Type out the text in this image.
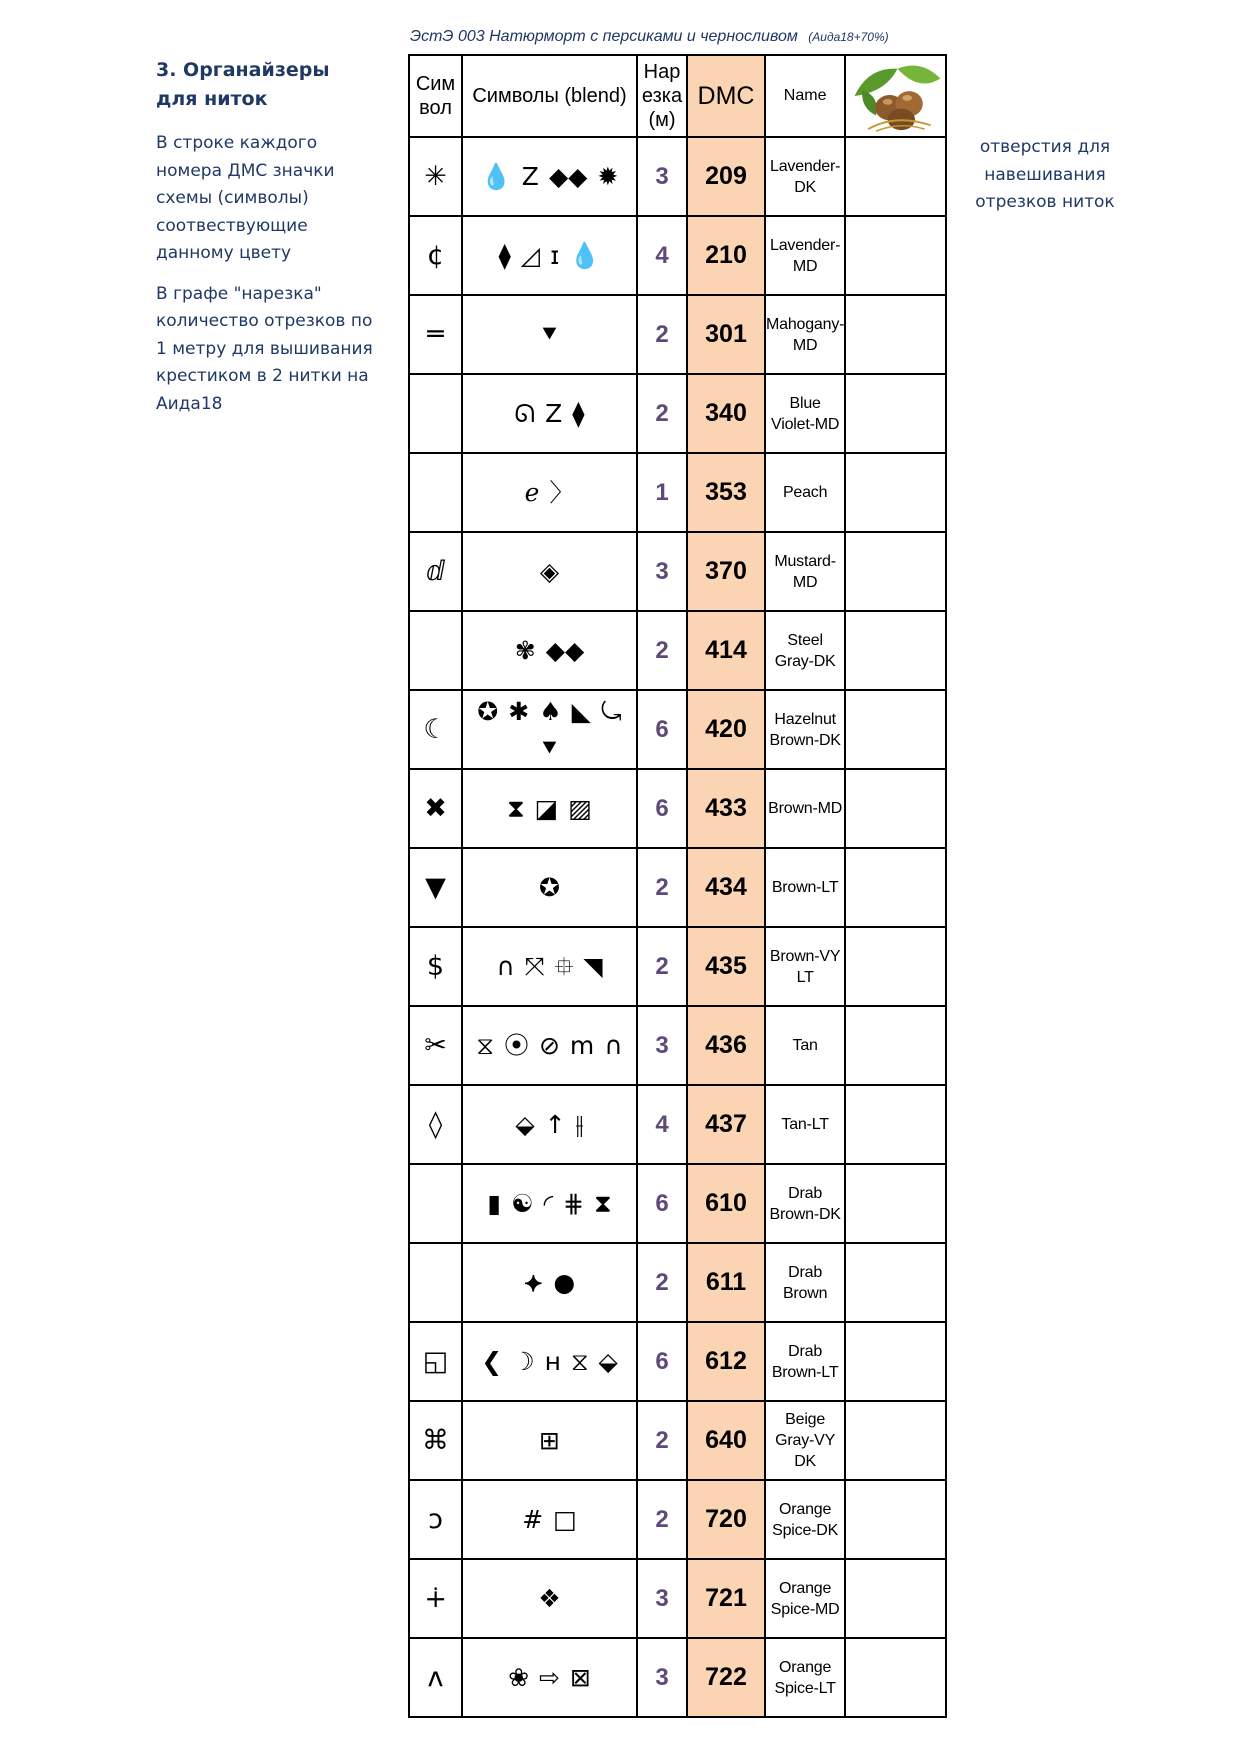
ЭстЭ 003 Натюрморт с персиками и черносливом (Аида18+70%)
3. Органайзеры для ниток

В строке каждого номера ДМС значки схемы (символы) соотвествующие данному цвету

В графе "нарезка" количество отрезков по 1 метру для вышивания крестиком в 2 нитки на Аида18

отверстия для навешивания отрезков ниток
Сим вол	Символы (blend)	Нар езка (м)	DMC	Name	

✳	💧 Z ◆◆ ✹	3	209	Lavender-DK	
¢	⧫ ◿ ɪ 💧	4	210	Lavender-MD	
═	⯆	2	301	Mahogany-MD	
	ᘏ Z ⧫	2	340	Blue Violet-MD	
	ℯ 〉	1	353	Peach	
ⅆ	◈	3	370	Mustard-MD	
	✾ ◆◆	2	414	Steel Gray-DK	
☾	✪ ✱ ♠ ◣ ⤿⯆	6	420	Hazelnut Brown-DK	
✖	⧗ ◪ ▨	6	433	Brown-MD	
▼	✪	2	434	Brown-LT	
$	∩ ⤧ ⯐ ◥	2	435	Brown-VY LT	
✂	⧖ ⦿ ⊘ m ∩	3	436	Tan	
◊	⬙ ↑ ⫲	4	437	Tan-LT	
	▮ ☯ ◜ ⋕ ⧗	6	610	Drab Brown-DK	
	⯌ ●	2	611	Drab Brown	
◱	❮ ☽ н ⧖ ⬙	6	612	Drab Brown-LT	
⌘	⊞	2	640	Beige Gray-VY DK	
ↄ	# □	2	720	Orange Spice-DK	
∔	❖	3	721	Orange Spice-MD	
ʌ	❀ ⇨ ⊠	3	722	Orange Spice-LT	
